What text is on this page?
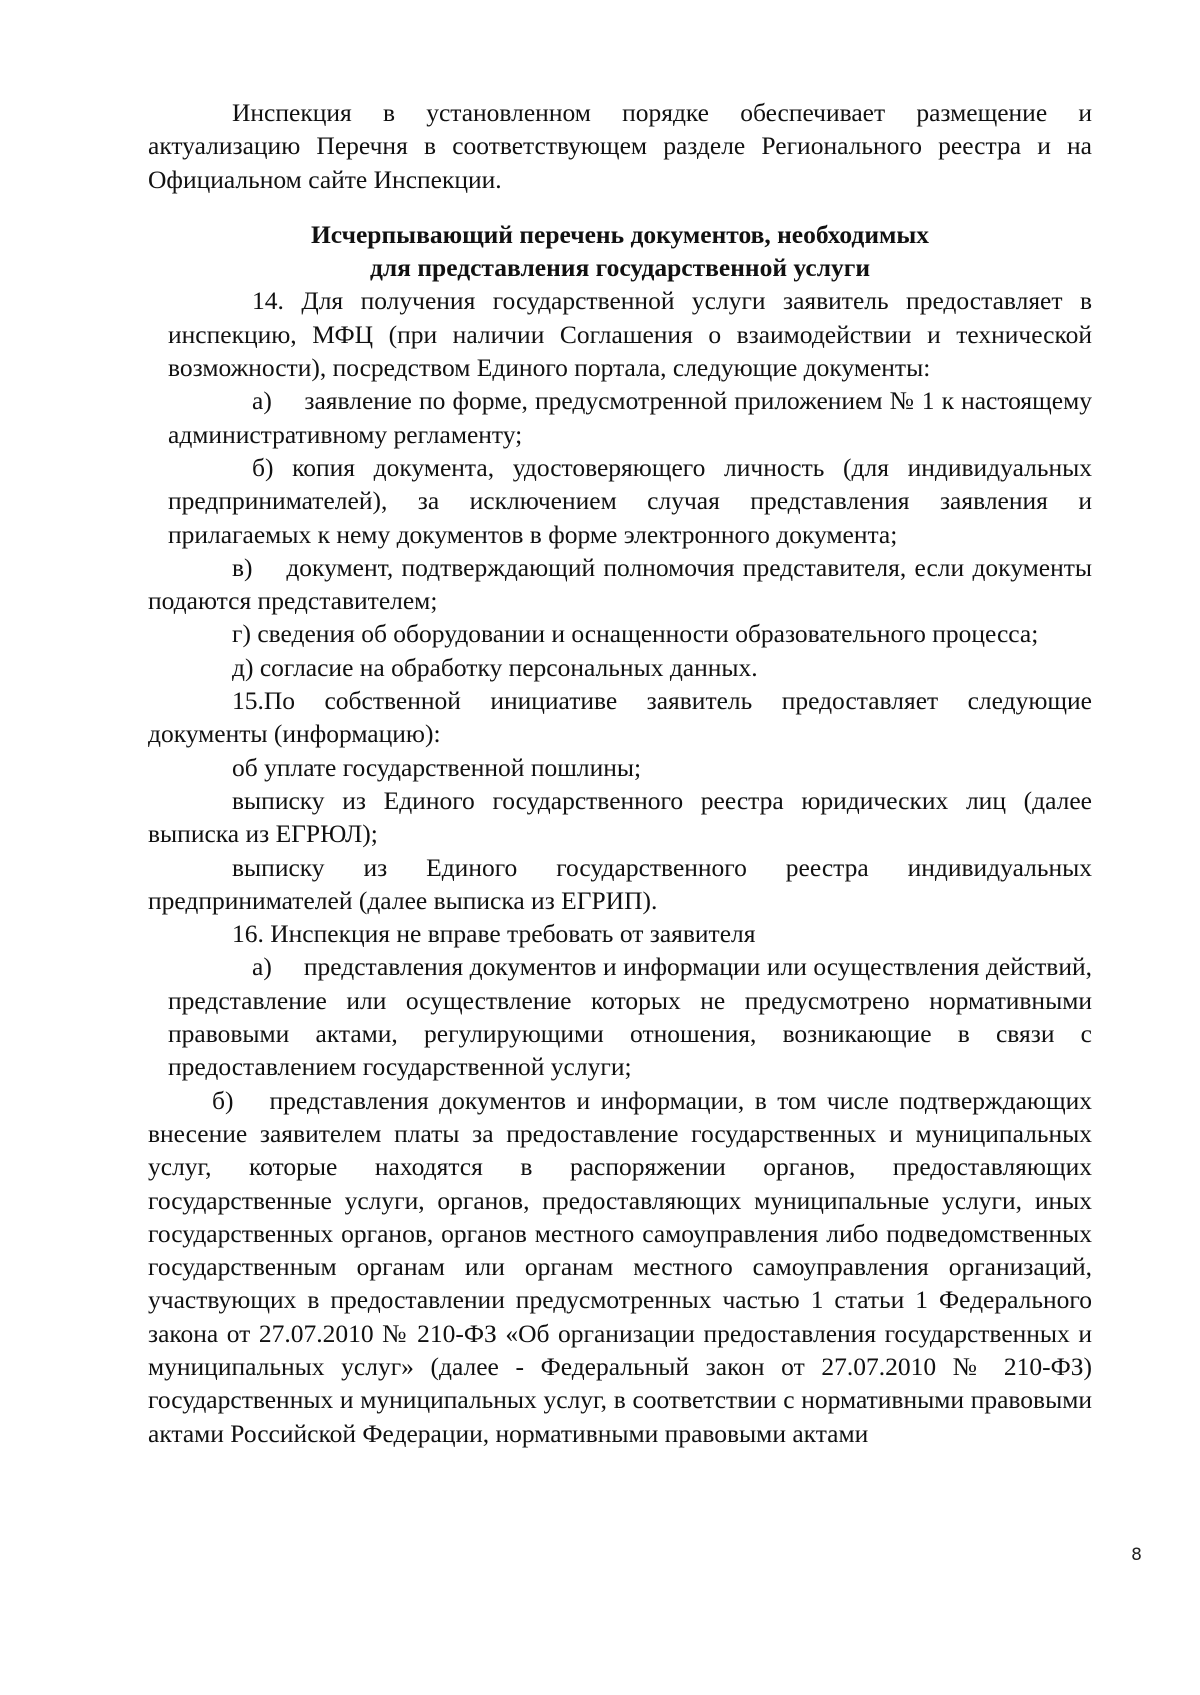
Инспекция в установленном порядке обеспечивает размещение и актуализацию Перечня в соответствующем разделе Регионального реестра и на Официальном сайте Инспекции.

Исчерпывающий перечень документов, необходимых
для представления государственной услуги

14. Для получения государственной услуги заявитель предоставляет в инспекцию, МФЦ (при наличии Соглашения о взаимодействии и технической возможности), посредством Единого портала, следующие документы:

а)  заявление по форме, предусмотренной приложением № 1 к настоящему административному регламенту;

б) копия документа, удостоверяющего личность (для индивидуальных предпринимателей), за исключением случая представления заявления и прилагаемых к нему документов в форме электронного документа;

в)  документ, подтверждающий полномочия представителя, если документы подаются представителем;

г) сведения об оборудовании и оснащенности образовательного процесса;

д) согласие на обработку персональных данных.

15.По собственной инициативе заявитель предоставляет следующие документы (информацию):

об уплате государственной пошлины;

выписку из Единого государственного реестра юридических лиц (далее выписка из ЕГРЮЛ);

выписку из Единого государственного реестра индивидуальных предпринимателей (далее выписка из ЕГРИП).

16. Инспекция не вправе требовать от заявителя

а)  представления документов и информации или осуществления действий, представление или осуществление которых не предусмотрено нормативными правовыми актами, регулирующими отношения, возникающие в связи с предоставлением государственной услуги;

б)  представления документов и информации, в том числе подтверждающих внесение заявителем платы за предоставление государственных и муниципальных услуг, которые находятся в распоряжении органов, предоставляющих государственные услуги, органов, предоставляющих муниципальные услуги, иных государственных органов, органов местного самоуправления либо подведомственных государственным органам или органам местного самоуправления организаций, участвующих в предоставлении предусмотренных частью 1 статьи 1 Федерального закона от 27.07.2010 № 210-ФЗ «Об организации предоставления государственных и муниципальных услуг» (далее - Федеральный закон от 27.07.2010 № 210-ФЗ) государственных и муниципальных услуг, в соответствии с нормативными правовыми актами Российской Федерации, нормативными правовыми актами

8
